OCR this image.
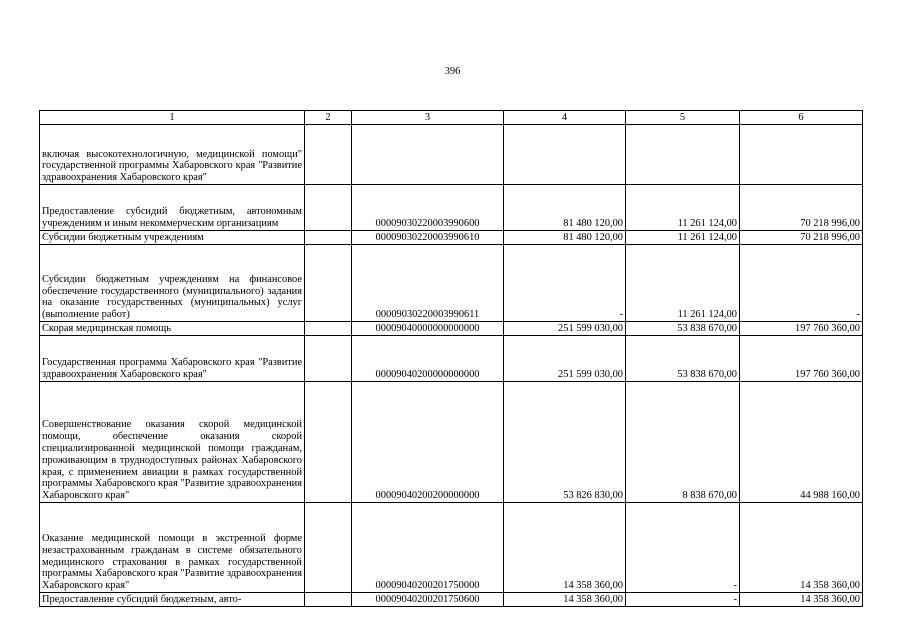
396
1	2	3	4	5	6
включая высокотехнологичную, медицинской помощи" государственной программы Хабаровского края "Развитие здравоохранения Хабаровского края"					
Предоставление субсидий бюджетным, автономным учреждениям и иным некоммерческим организациям		00009030220003990600	81 480 120,00	11 261 124,00	70 218 996,00
Субсидии бюджетным учреждениям		00009030220003990610	81 480 120,00	11 261 124,00	70 218 996,00
Субсидии бюджетным учреждениям на финансовое обеспечение государственного (муниципального) задания на оказание государственных (муниципальных) услуг (выполнение работ)		00009030220003990611	-	11 261 124,00	-
Скорая медицинская помощь		00009040000000000000	251 599 030,00	53 838 670,00	197 760 360,00
Государственная программа Хабаровского края "Развитие здравоохранения Хабаровского края"		00009040200000000000	251 599 030,00	53 838 670,00	197 760 360,00
Совершенствование оказания скорой медицинской помощи, обеспечение оказания скорой специализированной медицинской помощи гражданам, проживающим в труднодоступных районах Хабаровского края, с применением авиации в рамках государственной программы Хабаровского края "Развитие здравоохранения Хабаровского края"		00009040200200000000	53 826 830,00	8 838 670,00	44 988 160,00
Оказание медицинской помощи в экстренной форме незастрахованным гражданам в системе обязательного медицинского страхования в рамках государственной программы Хабаровского края "Развитие здравоохранения Хабаровского края"		00009040200201750000	14 358 360,00	-	14 358 360,00
Предоставление субсидий бюджетным, авто-		00009040200201750600	14 358 360,00	-	14 358 360,00
